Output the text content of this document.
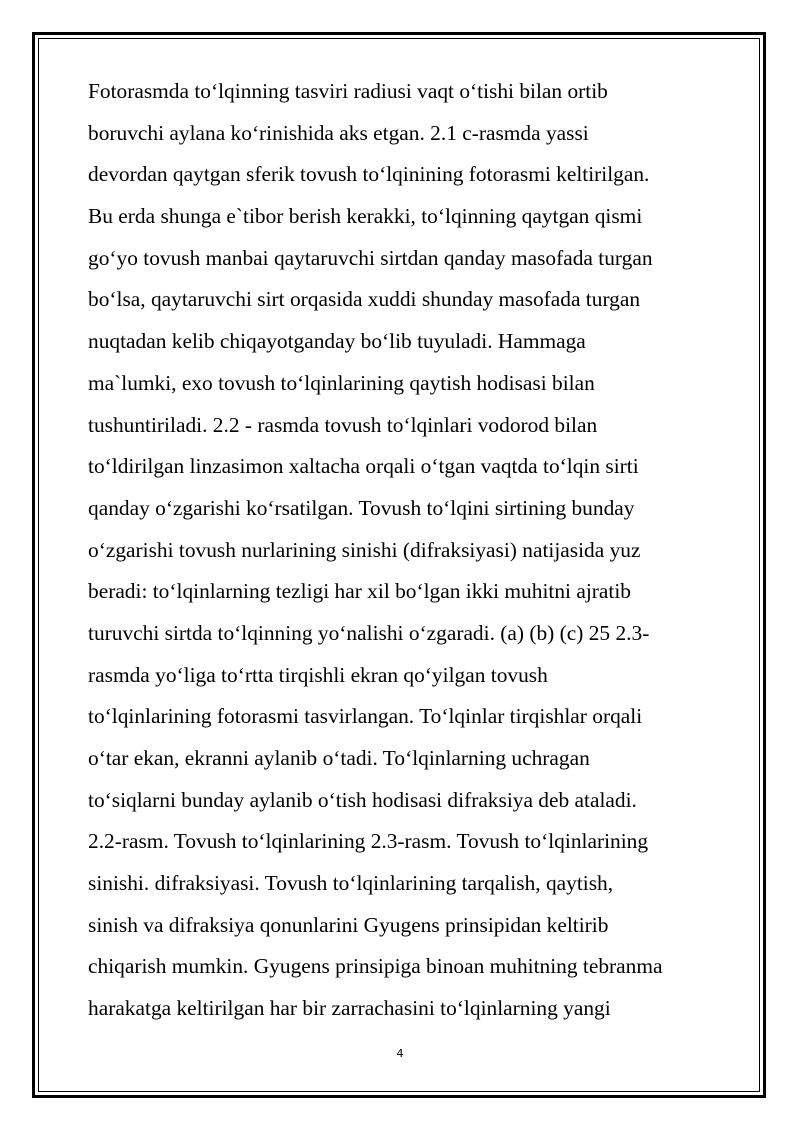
Fotorasmda to‘lqinning tasviri radiusi vaqt o‘tishi bilan ortib
boruvchi aylana ko‘rinishida aks etgan. 2.1 c-rasmda yassi
devordan qaytgan sferik tovush to‘lqinining fotorasmi keltirilgan.
Bu erda shunga e`tibor berish kerakki, to‘lqinning qaytgan qismi
go‘yo tovush manbai qaytaruvchi sirtdan qanday masofada turgan
bo‘lsa, qaytaruvchi sirt orqasida xuddi shunday masofada turgan
nuqtadan kelib chiqayotganday bo‘lib tuyuladi. Hammaga
ma`lumki, exo tovush to‘lqinlarining qaytish hodisasi bilan
tushuntiriladi. 2.2 - rasmda tovush to‘lqinlari vodorod bilan
to‘ldirilgan linzasimon xaltacha orqali o‘tgan vaqtda to‘lqin sirti
qanday o‘zgarishi ko‘rsatilgan. Tovush to‘lqini sirtining bunday
o‘zgarishi tovush nurlarining sinishi (difraksiyasi) natijasida yuz
beradi: to‘lqinlarning tezligi har xil bo‘lgan ikki muhitni ajratib
turuvchi sirtda to‘lqinning yo‘nalishi o‘zgaradi. (a) (b) (c) 25 2.3-
rasmda yo‘liga to‘rtta tirqishli ekran qo‘yilgan tovush
to‘lqinlarining fotorasmi tasvirlangan. To‘lqinlar tirqishlar orqali
o‘tar ekan, ekranni aylanib o‘tadi. To‘lqinlarning uchragan
to‘siqlarni bunday aylanib o‘tish hodisasi difraksiya deb ataladi.
2.2-rasm. Tovush to‘lqinlarining 2.3-rasm. Tovush to‘lqinlarining
sinishi. difraksiyasi. Tovush to‘lqinlarining tarqalish, qaytish,
sinish va difraksiya qonunlarini Gyugens prinsipidan keltirib
chiqarish mumkin. Gyugens prinsipiga binoan muhitning tebranma
harakatga keltirilgan har bir zarrachasini to‘lqinlarning yangi
4
